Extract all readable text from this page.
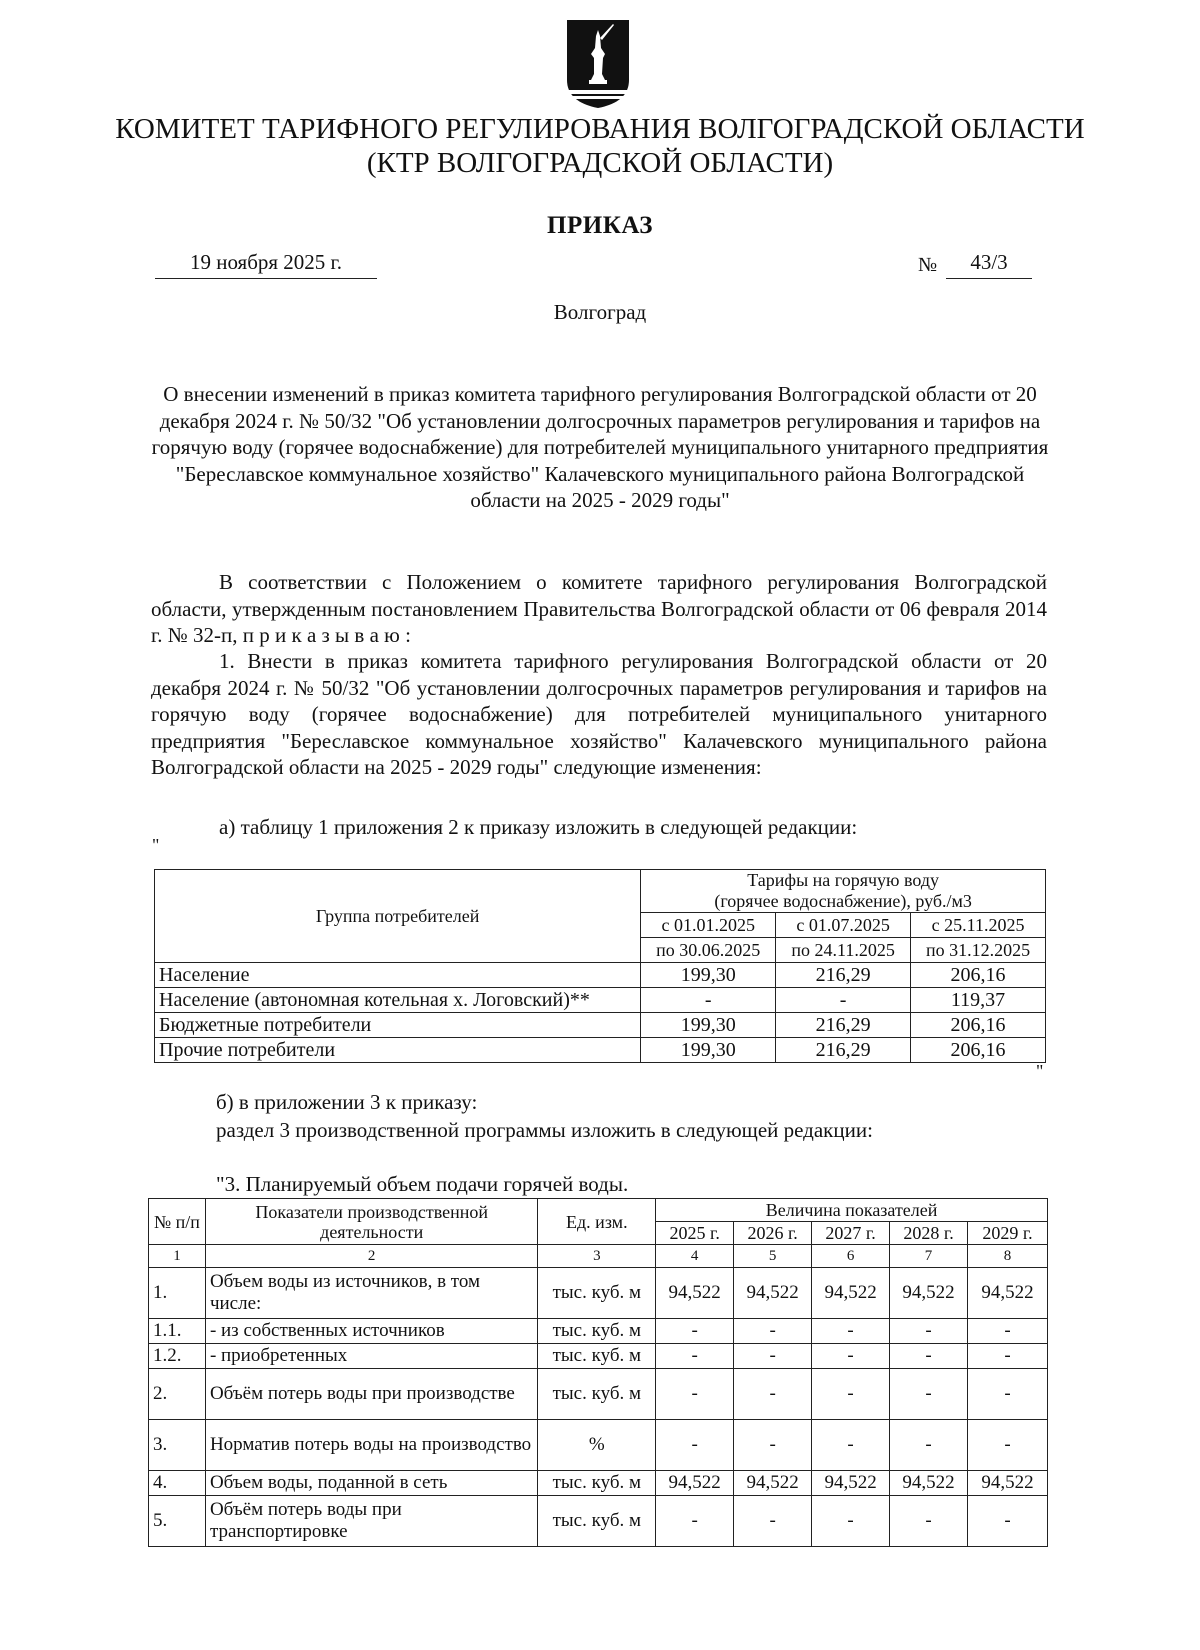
КОМИТЕТ ТАРИФНОГО РЕГУЛИРОВАНИЯ ВОЛГОГРАДСКОЙ ОБЛАСТИ
(КТР ВОЛГОГРАДСКОЙ ОБЛАСТИ)
ПРИКАЗ
19 ноября 2025 г.	№	43/3
Волгоград
О внесении изменений в приказ комитета тарифного регулирования Волгоградской области от 20 декабря 2024 г. № 50/32 "Об установлении долгосрочных параметров регулирования и тарифов на горячую воду (горячее водоснабжение) для потребителей муниципального унитарного предприятия "Береславское коммунальное хозяйство" Калачевского муниципального района Волгоградской области на 2025 - 2029 годы"
В соответствии с Положением о комитете тарифного регулирования Волгоградской области, утвержденным постановлением Правительства Волгоградской области от 06 февраля 2014 г. № 32-п, п р и к а з ы в а ю :
1. Внести в приказ комитета тарифного регулирования Волгоградской области от 20 декабря 2024 г. № 50/32 "Об установлении долгосрочных параметров регулирования и тарифов на горячую воду (горячее водоснабжение) для потребителей муниципального унитарного предприятия "Береславское коммунальное хозяйство" Калачевского муниципального района Волгоградской области на 2025 - 2029 годы" следующие изменения:
а) таблицу 1 приложения 2 к приказу изложить в следующей редакции:
"
Группа потребителей	Тарифы на горячую воду
(горячее водоснабжение), руб./м3		

	с 01.01.2025	с 01.07.2025	с 25.11.2025
	по 30.06.2025	по 24.11.2025	по 31.12.2025
Население	199,30	216,29	206,16
Население (автономная котельная х. Логовский)**	-	-	119,37
Бюджетные потребители	199,30	216,29	206,16
Прочие потребители	199,30	216,29	206,16
"
б) в приложении 3 к приказу:
раздел 3 производственной программы изложить в следующей редакции:
"3. Планируемый объем подачи горячей воды.
№ п/п	Показатели производственной деятельности	Ед. изм.	Величина показателей				
			2025 г.	2026 г.	2027 г.	2028 г.	2029 г.
1	2	3	4	5	6	7	8
1.	Объем воды из источников, в том числе:	тыс. куб. м	94,522	94,522	94,522	94,522	94,522
1.1.	- из собственных источников	тыс. куб. м	-	-	-	-	-
1.2.	- приобретенных	тыс. куб. м	-	-	-	-	-
2.	Объём потерь воды при производстве	тыс. куб. м	-	-	-	-	-
3.	Норматив потерь воды на производство	%	-	-	-	-	-
4.	Объем воды, поданной в сеть	тыс. куб. м	94,522	94,522	94,522	94,522	94,522
5.	Объём потерь воды при транспортировке	тыс. куб. м	-	-	-	-	-
